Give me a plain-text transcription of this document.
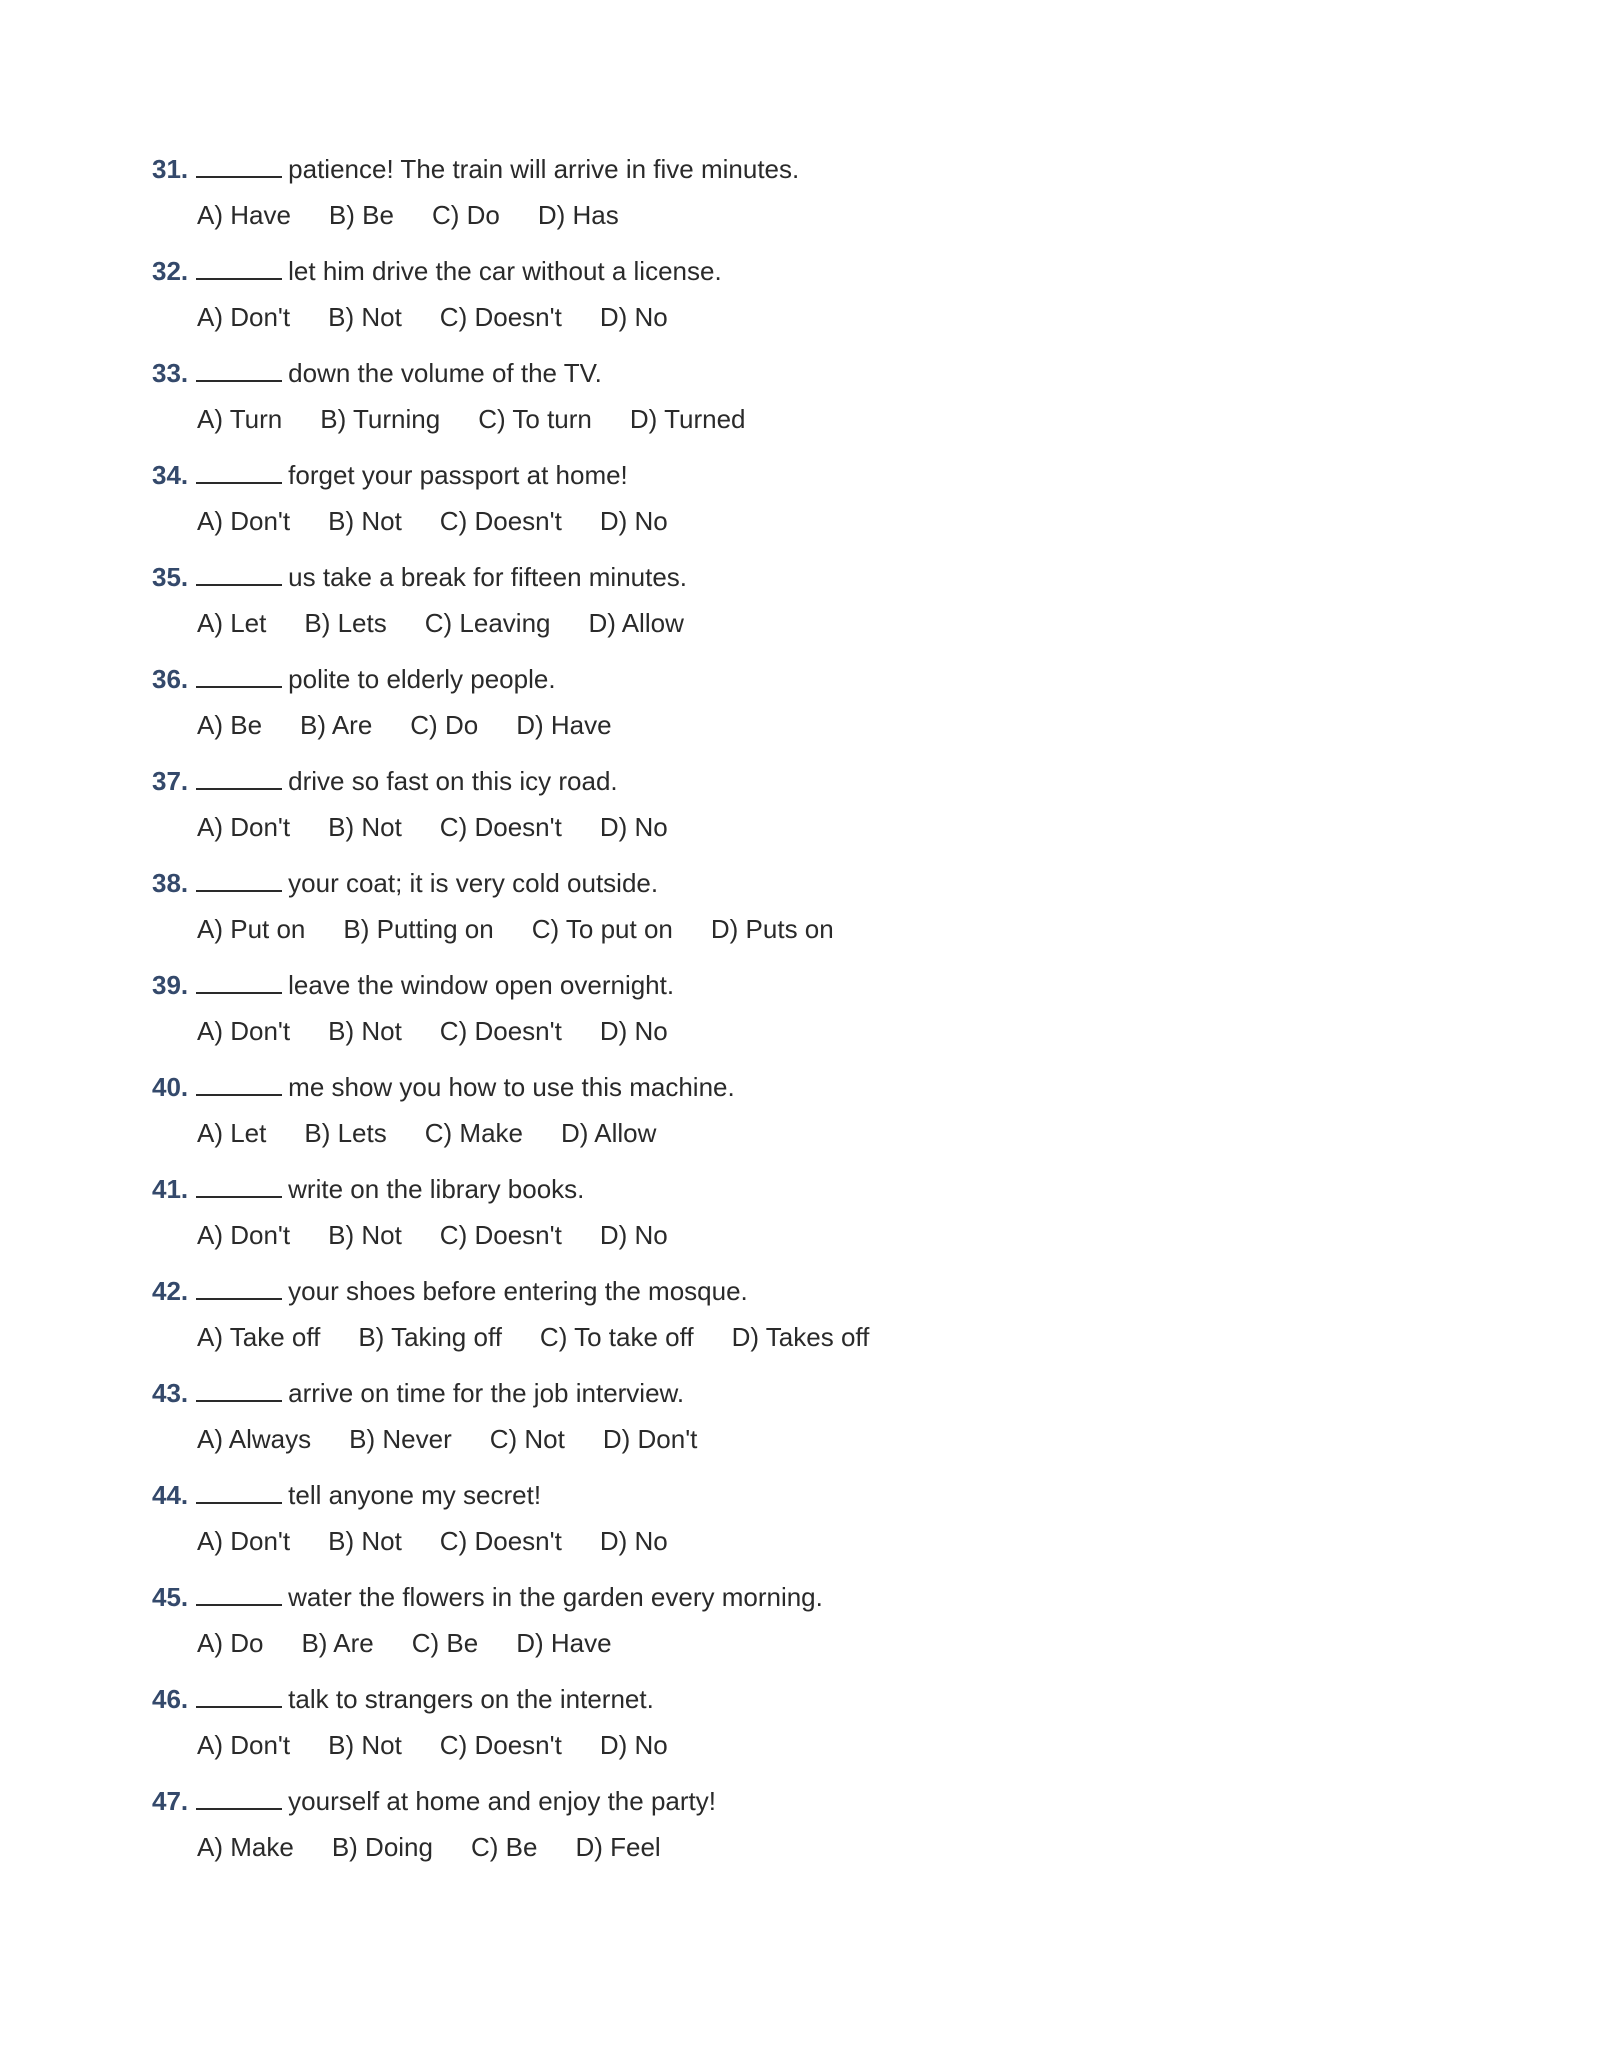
31.	patience! The train will arrive in five minutes.
A) Have B) Be C) Do D) Has
32.	let him drive the car without a license.
A) Don't B) Not C) Doesn't D) No
33.	down the volume of the TV.
A) Turn B) Turning C) To turn D) Turned
34.	forget your passport at home!
A) Don't B) Not C) Doesn't D) No
35.	us take a break for fifteen minutes.
A) Let B) Lets C) Leaving D) Allow
36.	polite to elderly people.
A) Be B) Are C) Do D) Have
37.	drive so fast on this icy road.
A) Don't B) Not C) Doesn't D) No
38.	your coat; it is very cold outside.
A) Put on B) Putting on C) To put on D) Puts on
39.	leave the window open overnight.
A) Don't B) Not C) Doesn't D) No
40.	me show you how to use this machine.
A) Let B) Lets C) Make D) Allow
41.	write on the library books.
A) Don't B) Not C) Doesn't D) No
42.	your shoes before entering the mosque.
A) Take off B) Taking off C) To take off D) Takes off
43.	arrive on time for the job interview.
A) Always B) Never C) Not D) Don't
44.	tell anyone my secret!
A) Don't B) Not C) Doesn't D) No
45.	water the flowers in the garden every morning.
A) Do B) Are C) Be D) Have
46.	talk to strangers on the internet.
A) Don't B) Not C) Doesn't D) No
47.	yourself at home and enjoy the party!
A) Make B) Doing C) Be D) Feel
